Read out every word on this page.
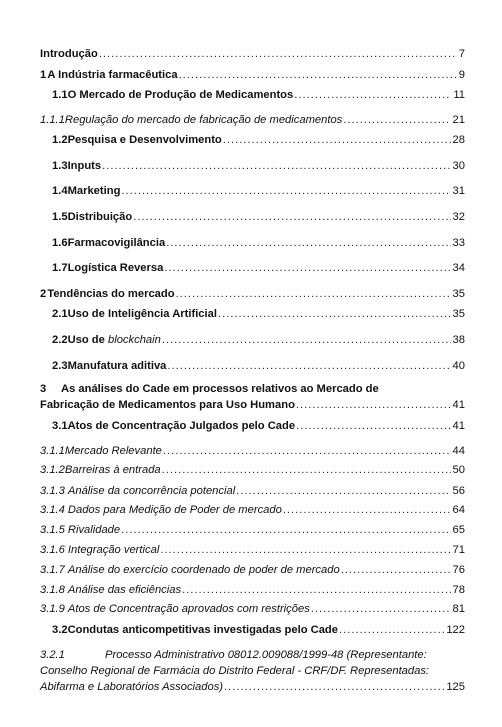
Introdução .....	7
1 A Indústria farmacêutica .....	9
1.1 O Mercado de Produção de Medicamentos .....	11
1.1.1 Regulação do mercado de fabricação de medicamentos .....	21
1.2 Pesquisa e Desenvolvimento .....	28
1.3 Inputs .....	30
1.4 Marketing .....	31
1.5 Distribuição .....	32
1.6 Farmacovigilância .....	33
1.7 Logística Reversa .....	34
2 Tendências do mercado .....	35
2.1 Uso de Inteligência Artificial .....	35
2.2 Uso de blockchain .....	38
2.3 Manufatura aditiva .....	40
3	As análises do Cade em processos relativos ao Mercado de
Fabricação de Medicamentos para Uso Humano .....	41
3.1 Atos de Concentração Julgados pelo Cade .....	41
3.1.1 Mercado Relevante .....	44
3.1.2 Barreiras à entrada .....	50
3.1.3 Análise da concorrência potencial .....	56
3.1.4 Dados para Medição de Poder de mercado .....	64
3.1.5 Rivalidade .....	65
3.1.6 Integração vertical .....	71
3.1.7 Análise do exercício coordenado de poder de mercado .....	76
3.1.8 Análise das eficiências .....	78
3.1.9 Atos de Concentração aprovados com restrições .....	81
3.2 Condutas anticompetitivas investigadas pelo Cade .....	122
3.2.1	Processo Administrativo 08012.009088/1999-48 (Representante:
Conselho Regional de Farmácia do Distrito Federal - CRF/DF. Representadas:
Abifarma e Laboratórios Associados) .....	125
